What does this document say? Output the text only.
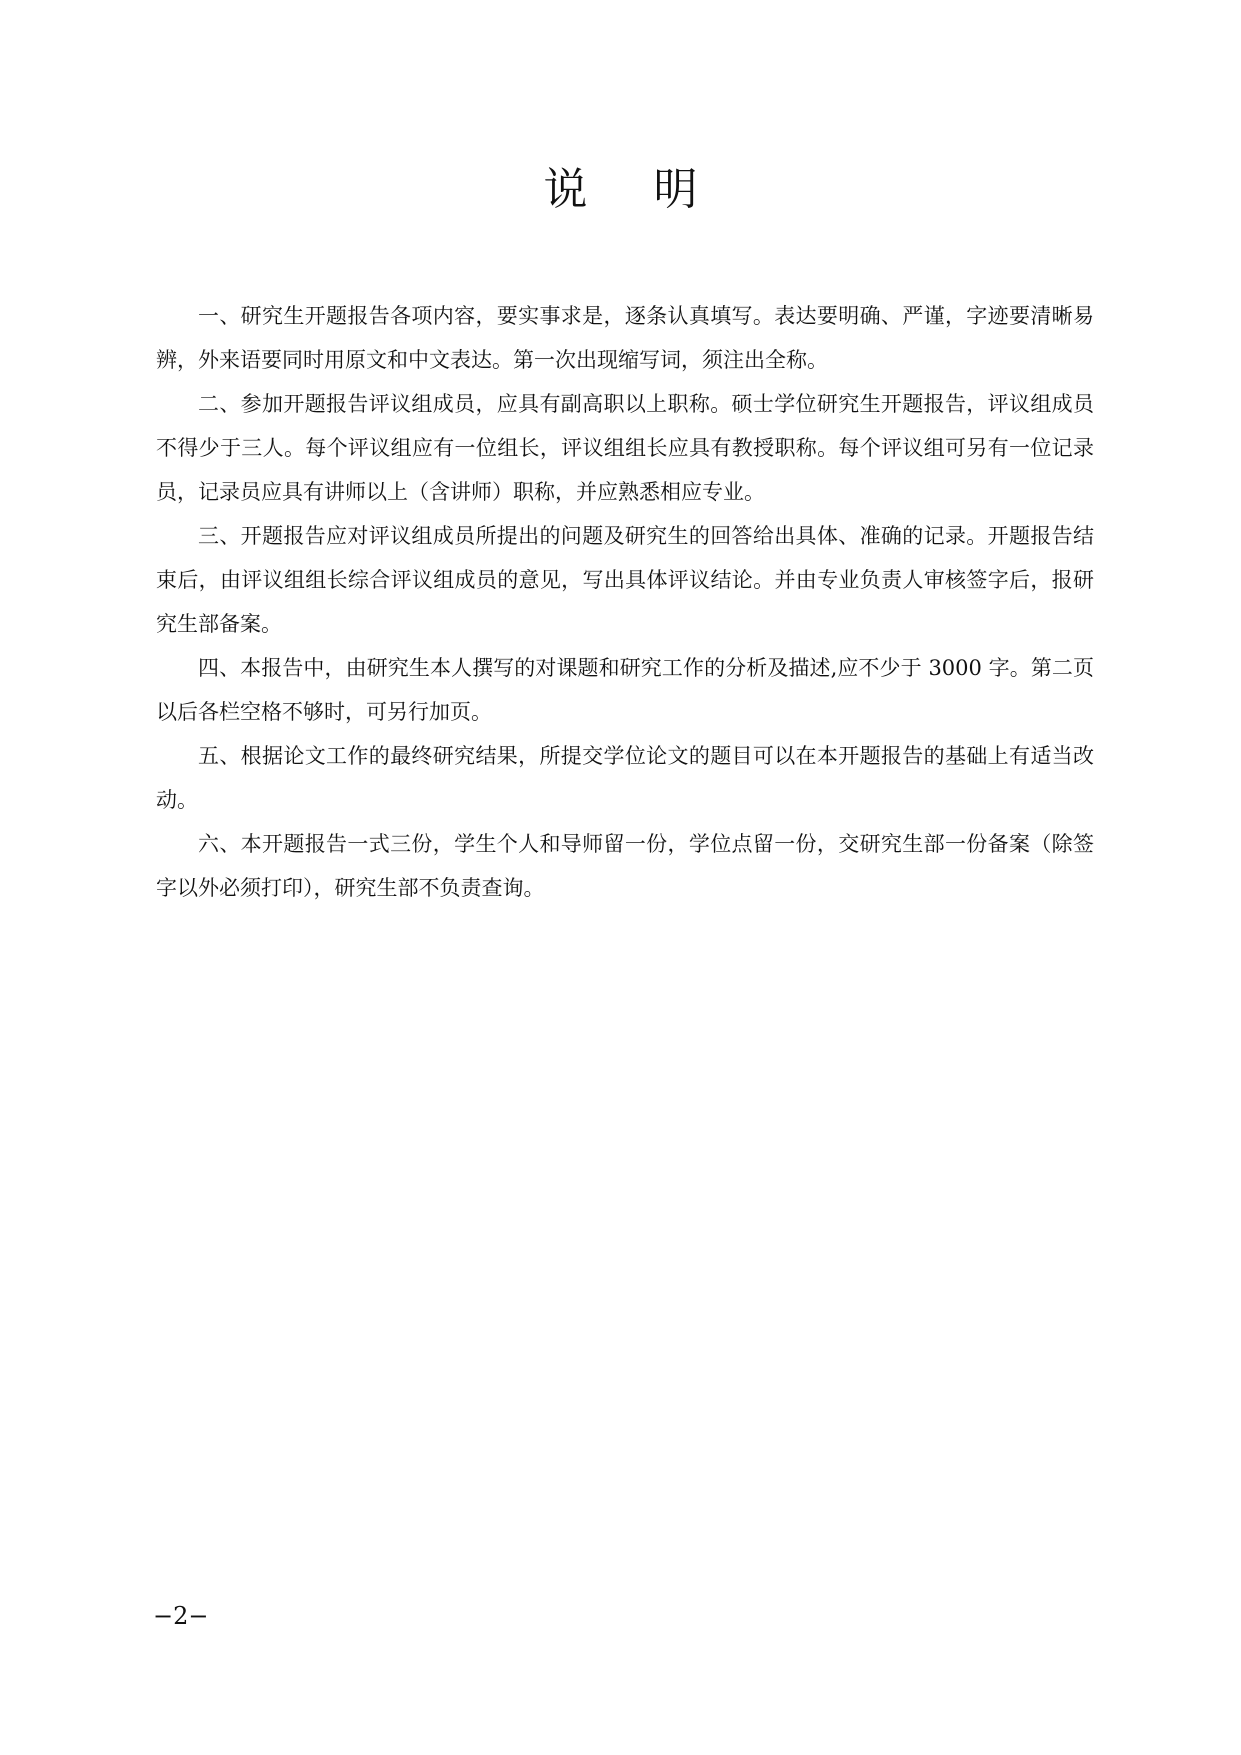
说 明

一、研究生开题报告各项内容，要实事求是，逐条认真填写。表达要明确、严谨，字迹要清晰易辨，外来语要同时用原文和中文表达。第一次出现缩写词，须注出全称。

二、参加开题报告评议组成员，应具有副高职以上职称。硕士学位研究生开题报告，评议组成员不得少于三人。每个评议组应有一位组长，评议组组长应具有教授职称。每个评议组可另有一位记录员，记录员应具有讲师以上（含讲师）职称，并应熟悉相应专业。

三、开题报告应对评议组成员所提出的问题及研究生的回答给出具体、准确的记录。开题报告结束后，由评议组组长综合评议组成员的意见，写出具体评议结论。并由专业负责人审核签字后，报研究生部备案。

四、本报告中，由研究生本人撰写的对课题和研究工作的分析及描述,应不少于 3000 字。第二页以后各栏空格不够时，可另行加页。

五、根据论文工作的最终研究结果，所提交学位论文的题目可以在本开题报告的基础上有适当改动。

六、本开题报告一式三份，学生个人和导师留一份，学位点留一份，交研究生部一份备案（除签字以外必须打印），研究生部不负责查询。

−2−
